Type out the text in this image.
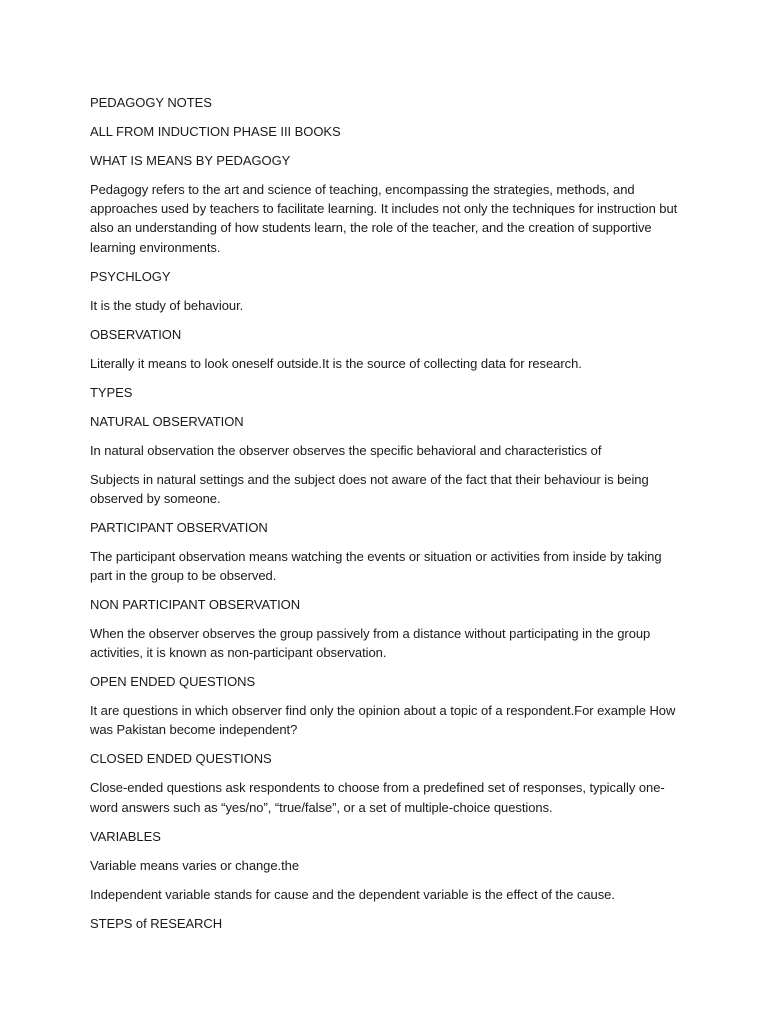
PEDAGOGY NOTES

ALL FROM INDUCTION PHASE III BOOKS

WHAT IS MEANS BY PEDAGOGY

Pedagogy refers to the art and science of teaching, encompassing the strategies, methods, and approaches used by teachers to facilitate learning. It includes not only the techniques for instruction but also an understanding of how students learn, the role of the teacher, and the creation of supportive learning environments.

PSYCHLOGY

It is the study of behaviour.

OBSERVATION

Literally it means to look oneself outside.It is the source of collecting data for research.

TYPES

NATURAL OBSERVATION

In natural observation the observer observes the specific behavioral and characteristics of

Subjects in natural settings and the subject does not aware of the fact that their behaviour is being observed by someone.

PARTICIPANT OBSERVATION

The participant observation means watching the events or situation or activities from inside by taking part in the group to be observed.

NON PARTICIPANT OBSERVATION

When the observer observes the group passively from a distance without participating in the group activities, it is known as non-participant observation.

OPEN ENDED QUESTIONS

It are questions in which observer find only the opinion about a topic of a respondent.For example How was Pakistan become independent?

CLOSED ENDED QUESTIONS

Close-ended questions ask respondents to choose from a predefined set of responses, typically one-word answers such as “yes/no”, “true/false”, or a set of multiple-choice questions.

VARIABLES

Variable means varies or change.the

Independent variable stands for cause and the dependent variable is the effect of the cause.

STEPS of RESEARCH
